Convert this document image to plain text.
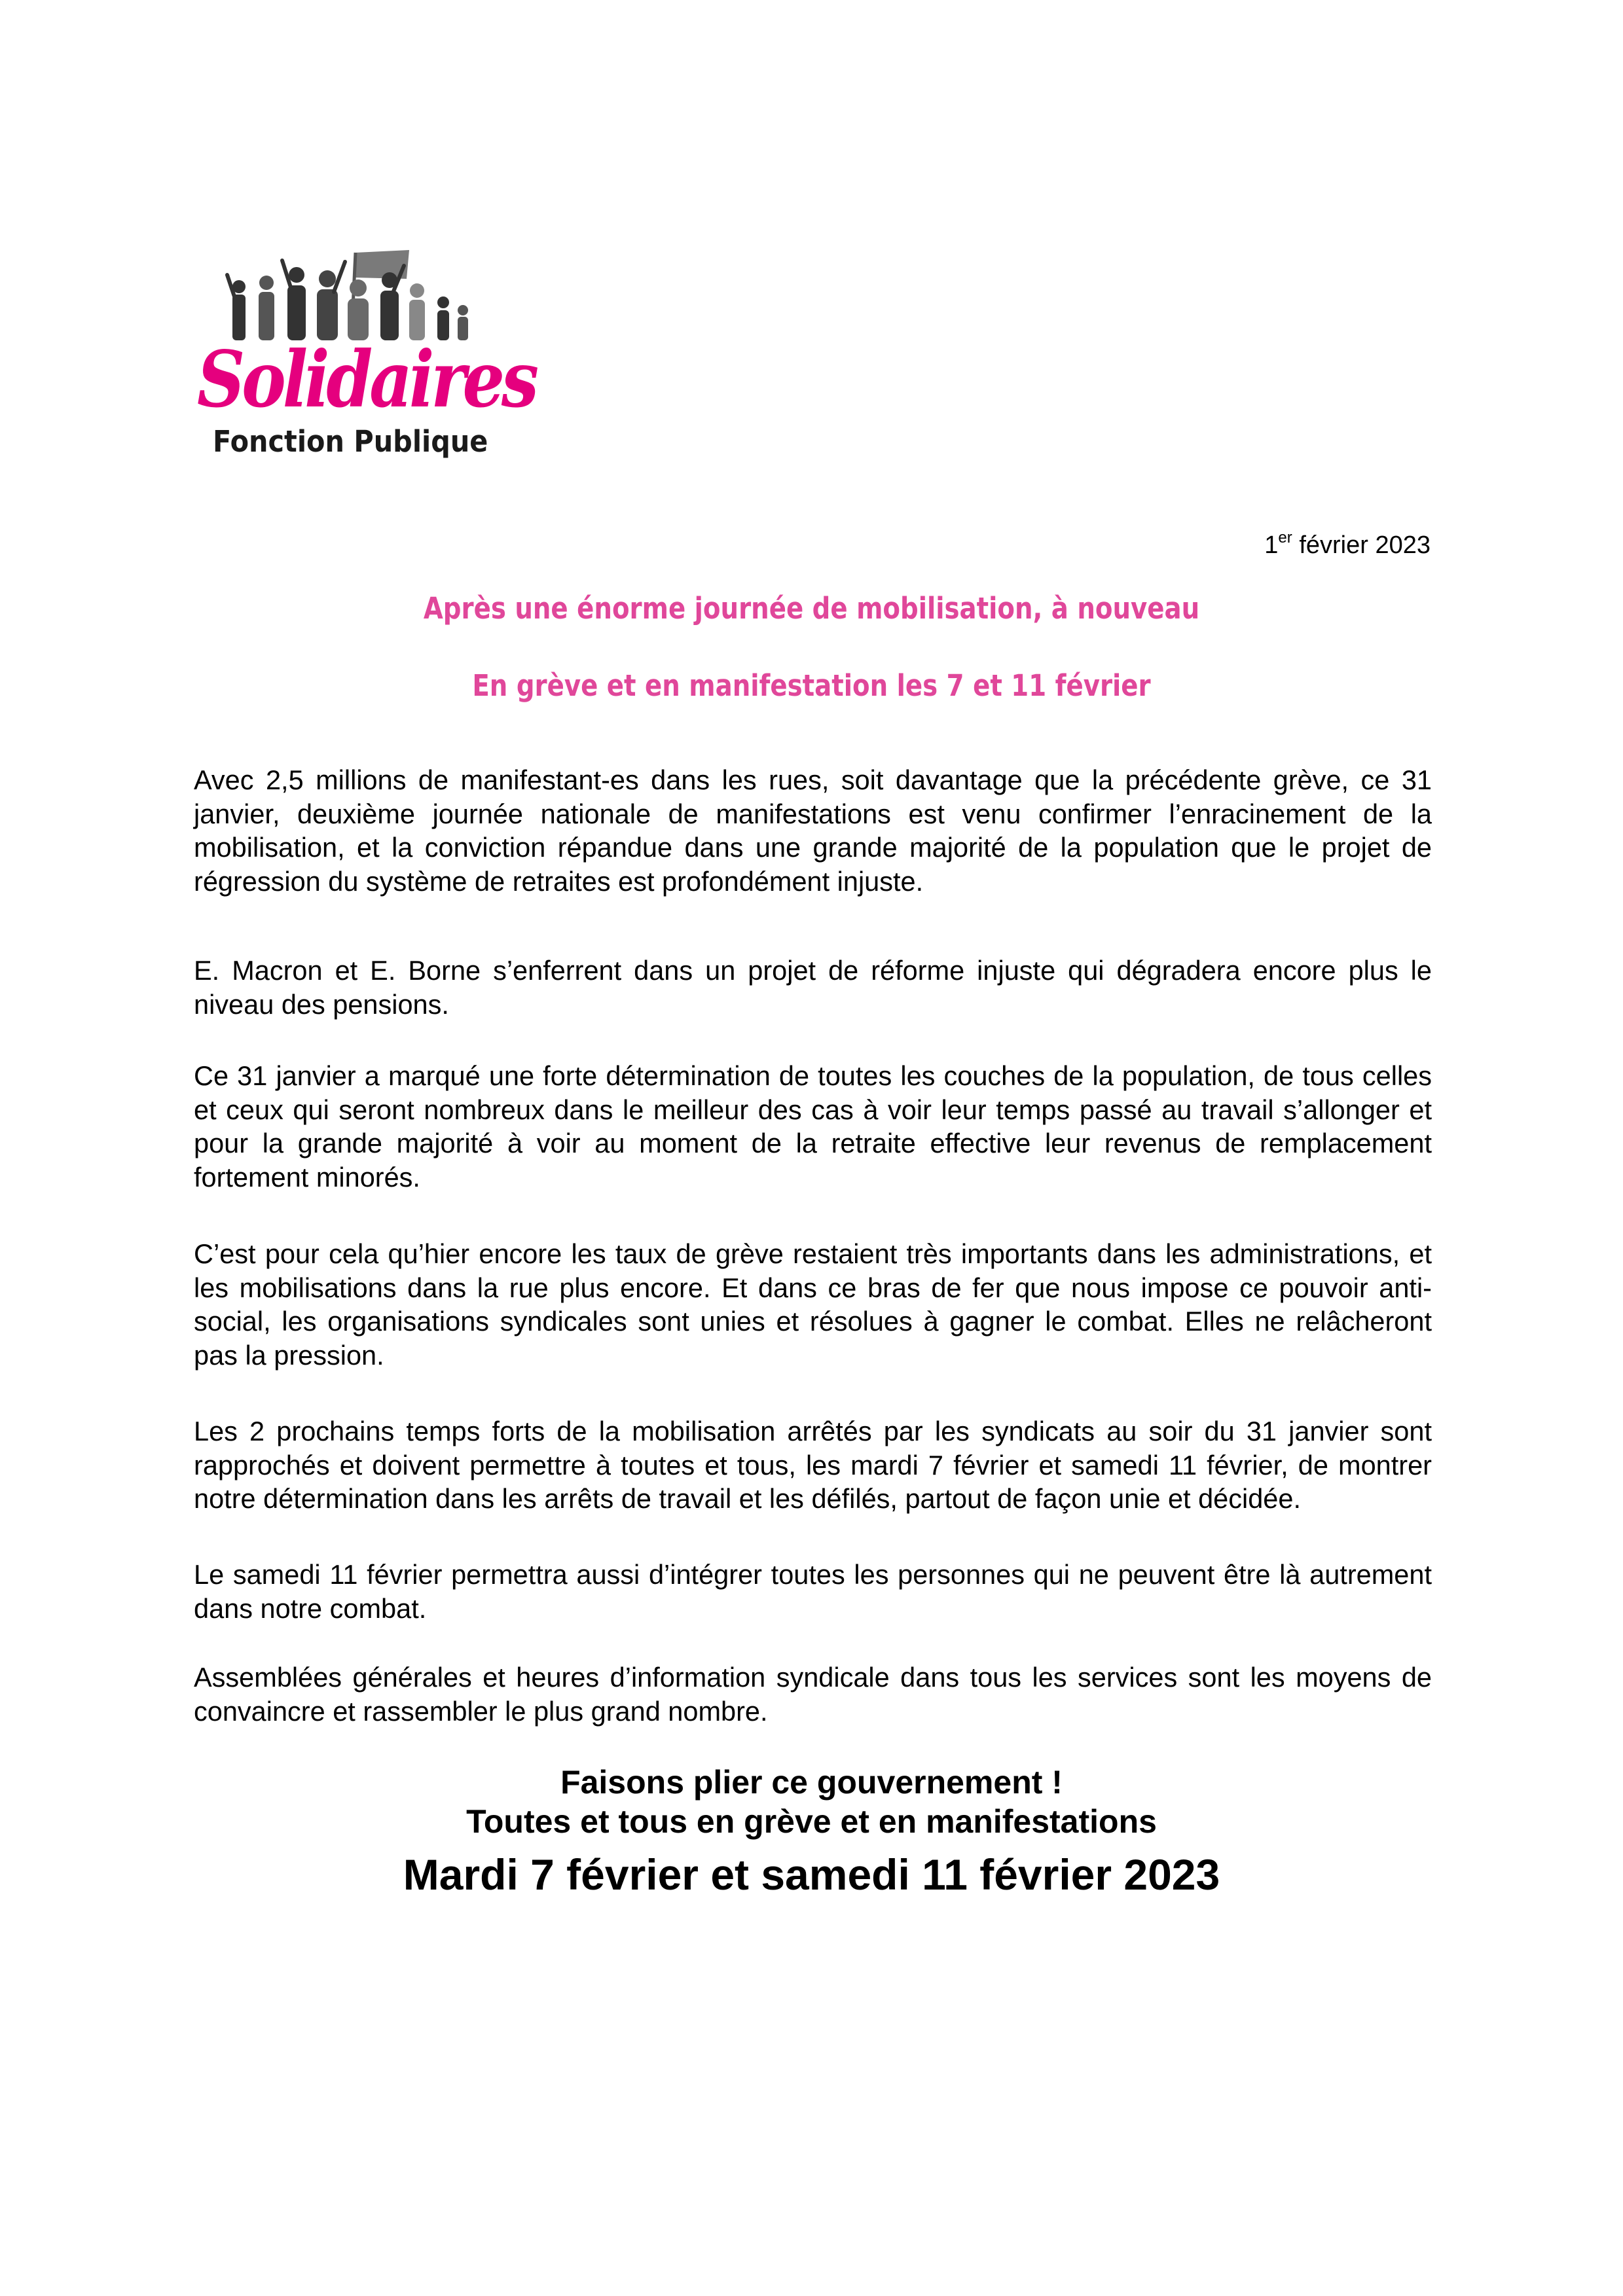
Solidaires
Fonction Publique
1er février 2023
Après une énorme journée de mobilisation, à nouveau
En grève et en manifestation les 7 et 11 février

Avec 2,5 millions de manifestant-es dans les rues, soit davantage que la précédente grève, ce 31 janvier, deuxième journée nationale de manifestations est venu confirmer l’enracinement de la mobilisation, et la conviction répandue dans une grande majorité de la population que le projet de régression du système de retraites est profondément injuste.

E. Macron et E. Borne s’enferrent dans un projet de réforme injuste qui dégradera encore plus le niveau des pensions.

Ce 31 janvier a marqué une forte détermination de toutes les couches de la population, de tous celles et ceux qui seront nombreux dans le meilleur des cas à voir leur temps passé au travail s’allonger et pour la grande majorité à voir au moment de la retraite effective leur revenus de remplacement fortement minorés.

C’est pour cela qu’hier encore les taux de grève restaient très importants dans les administrations, et les mobilisations dans la rue plus encore. Et dans ce bras de fer que nous impose ce pouvoir anti-social, les organisations syndicales sont unies et résolues à gagner le combat. Elles ne relâcheront pas la pression.

Les 2 prochains temps forts de la mobilisation arrêtés par les syndicats au soir du 31 janvier sont rapprochés et doivent permettre à toutes et tous, les mardi 7 février et samedi 11 février, de montrer notre détermination dans les arrêts de travail et les défilés, partout de façon unie et décidée.

Le samedi 11 février permettra aussi d’intégrer toutes les personnes qui ne peuvent être là autrement dans notre combat.

Assemblées générales et heures d’information syndicale dans tous les services sont les moyens de convaincre et rassembler le plus grand nombre.

Faisons plier ce gouvernement !
Toutes et tous en grève et en manifestations
Mardi 7 février et samedi 11 février 2023
